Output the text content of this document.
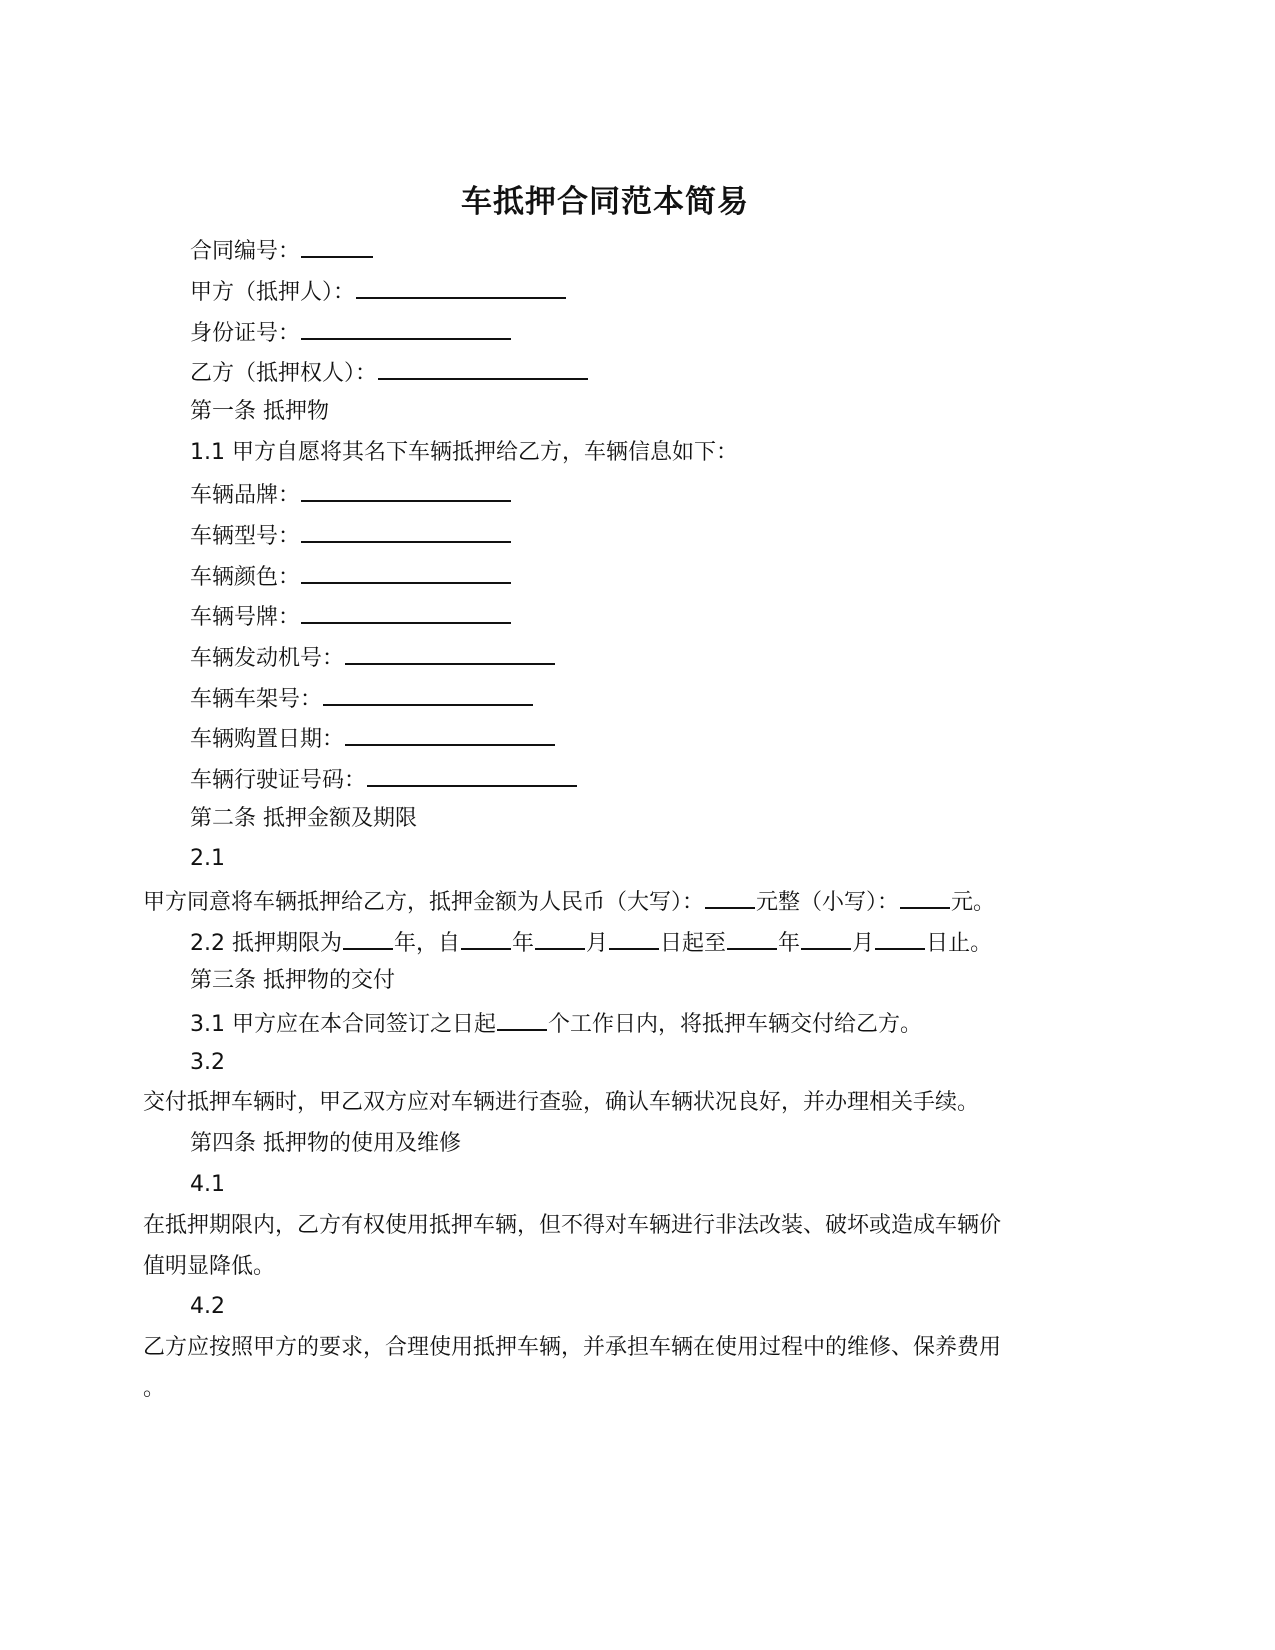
车抵押合同范本简易
合同编号：
甲方（抵押人）：
身份证号：
乙方（抵押权人）：
第一条 抵押物
1.1 甲方自愿将其名下车辆抵押给乙方，车辆信息如下：
车辆品牌：
车辆型号：
车辆颜色：
车辆号牌：
车辆发动机号：
车辆车架号：
车辆购置日期：
车辆行驶证号码：
第二条 抵押金额及期限
2.1
甲方同意将车辆抵押给乙方，抵押金额为人民币（大写）： 元整（小写）： 元。
2.2 抵押期限为 年，自 年 月 日起至 年 月 日止。
第三条 抵押物的交付
3.1 甲方应在本合同签订之日起 个工作日内，将抵押车辆交付给乙方。
3.2
交付抵押车辆时，甲乙双方应对车辆进行查验，确认车辆状况良好，并办理相关手续。
第四条 抵押物的使用及维修
4.1
在抵押期限内，乙方有权使用抵押车辆，但不得对车辆进行非法改装、破坏或造成车辆价
值明显降低。
4.2
乙方应按照甲方的要求，合理使用抵押车辆，并承担车辆在使用过程中的维修、保养费用
。
